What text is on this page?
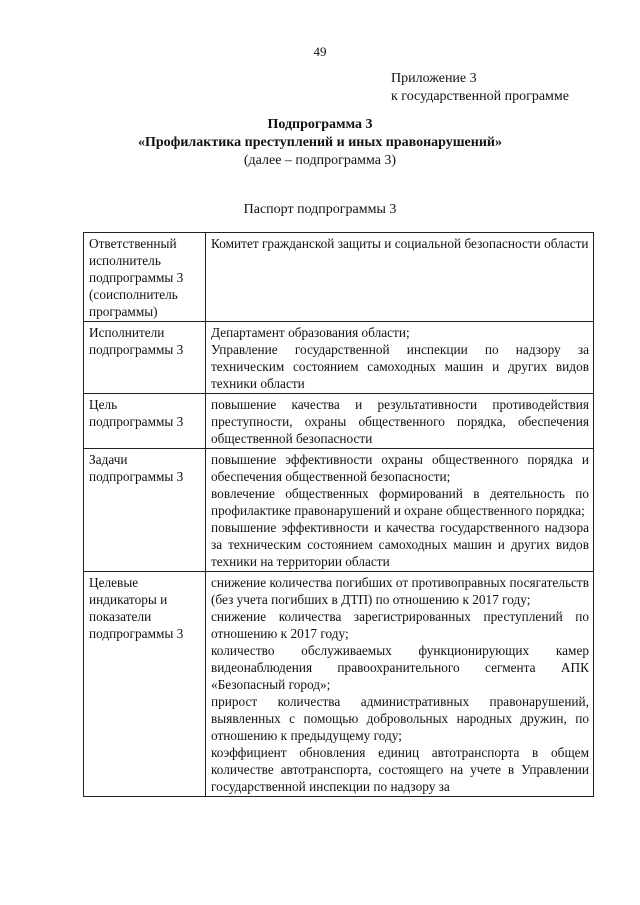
49
Приложение 3
к государственной программе
Подпрограмма 3
«Профилактика преступлений и иных правонарушений»
(далее – подпрограмма 3)
Паспорт подпрограммы 3
Ответственный исполнитель подпрограммы 3 (соисполнитель программы)	Комитет гражданской защиты и социальной безопасности области

Исполнители подпрограммы 3	Департамент образования области;
Управление государственной инспекции по надзору за техническим состоянием самоходных машин и других видов техники области

Цель подпрограммы 3	повышение качества и результативности противодействия преступности, охраны общественного порядка, обеспечения общественной безопасности

Задачи подпрограммы 3	повышение эффективности охраны общественного порядка и обеспечения общественной безопасности;
вовлечение общественных формирований в деятельность по профилактике правонарушений и охране общественного порядка;
повышение эффективности и качества государственного надзора за техническим состоянием самоходных машин и других видов техники на территории области

Целевые индикаторы и показатели подпрограммы 3	снижение количества погибших от противоправных посягательств (без учета погибших в ДТП) по отношению к 2017 году;
снижение количества зарегистрированных преступлений по отношению к 2017 году;
количество обслуживаемых функционирующих камер видеонаблюдения правоохранительного сегмента АПК «Безопасный город»;
прирост количества административных правонарушений, выявленных с помощью добровольных народных дружин, по отношению к предыдущему году;
коэффициент обновления единиц автотранспорта в общем количестве автотранспорта, состоящего на учете в Управлении государственной инспекции по надзору за
